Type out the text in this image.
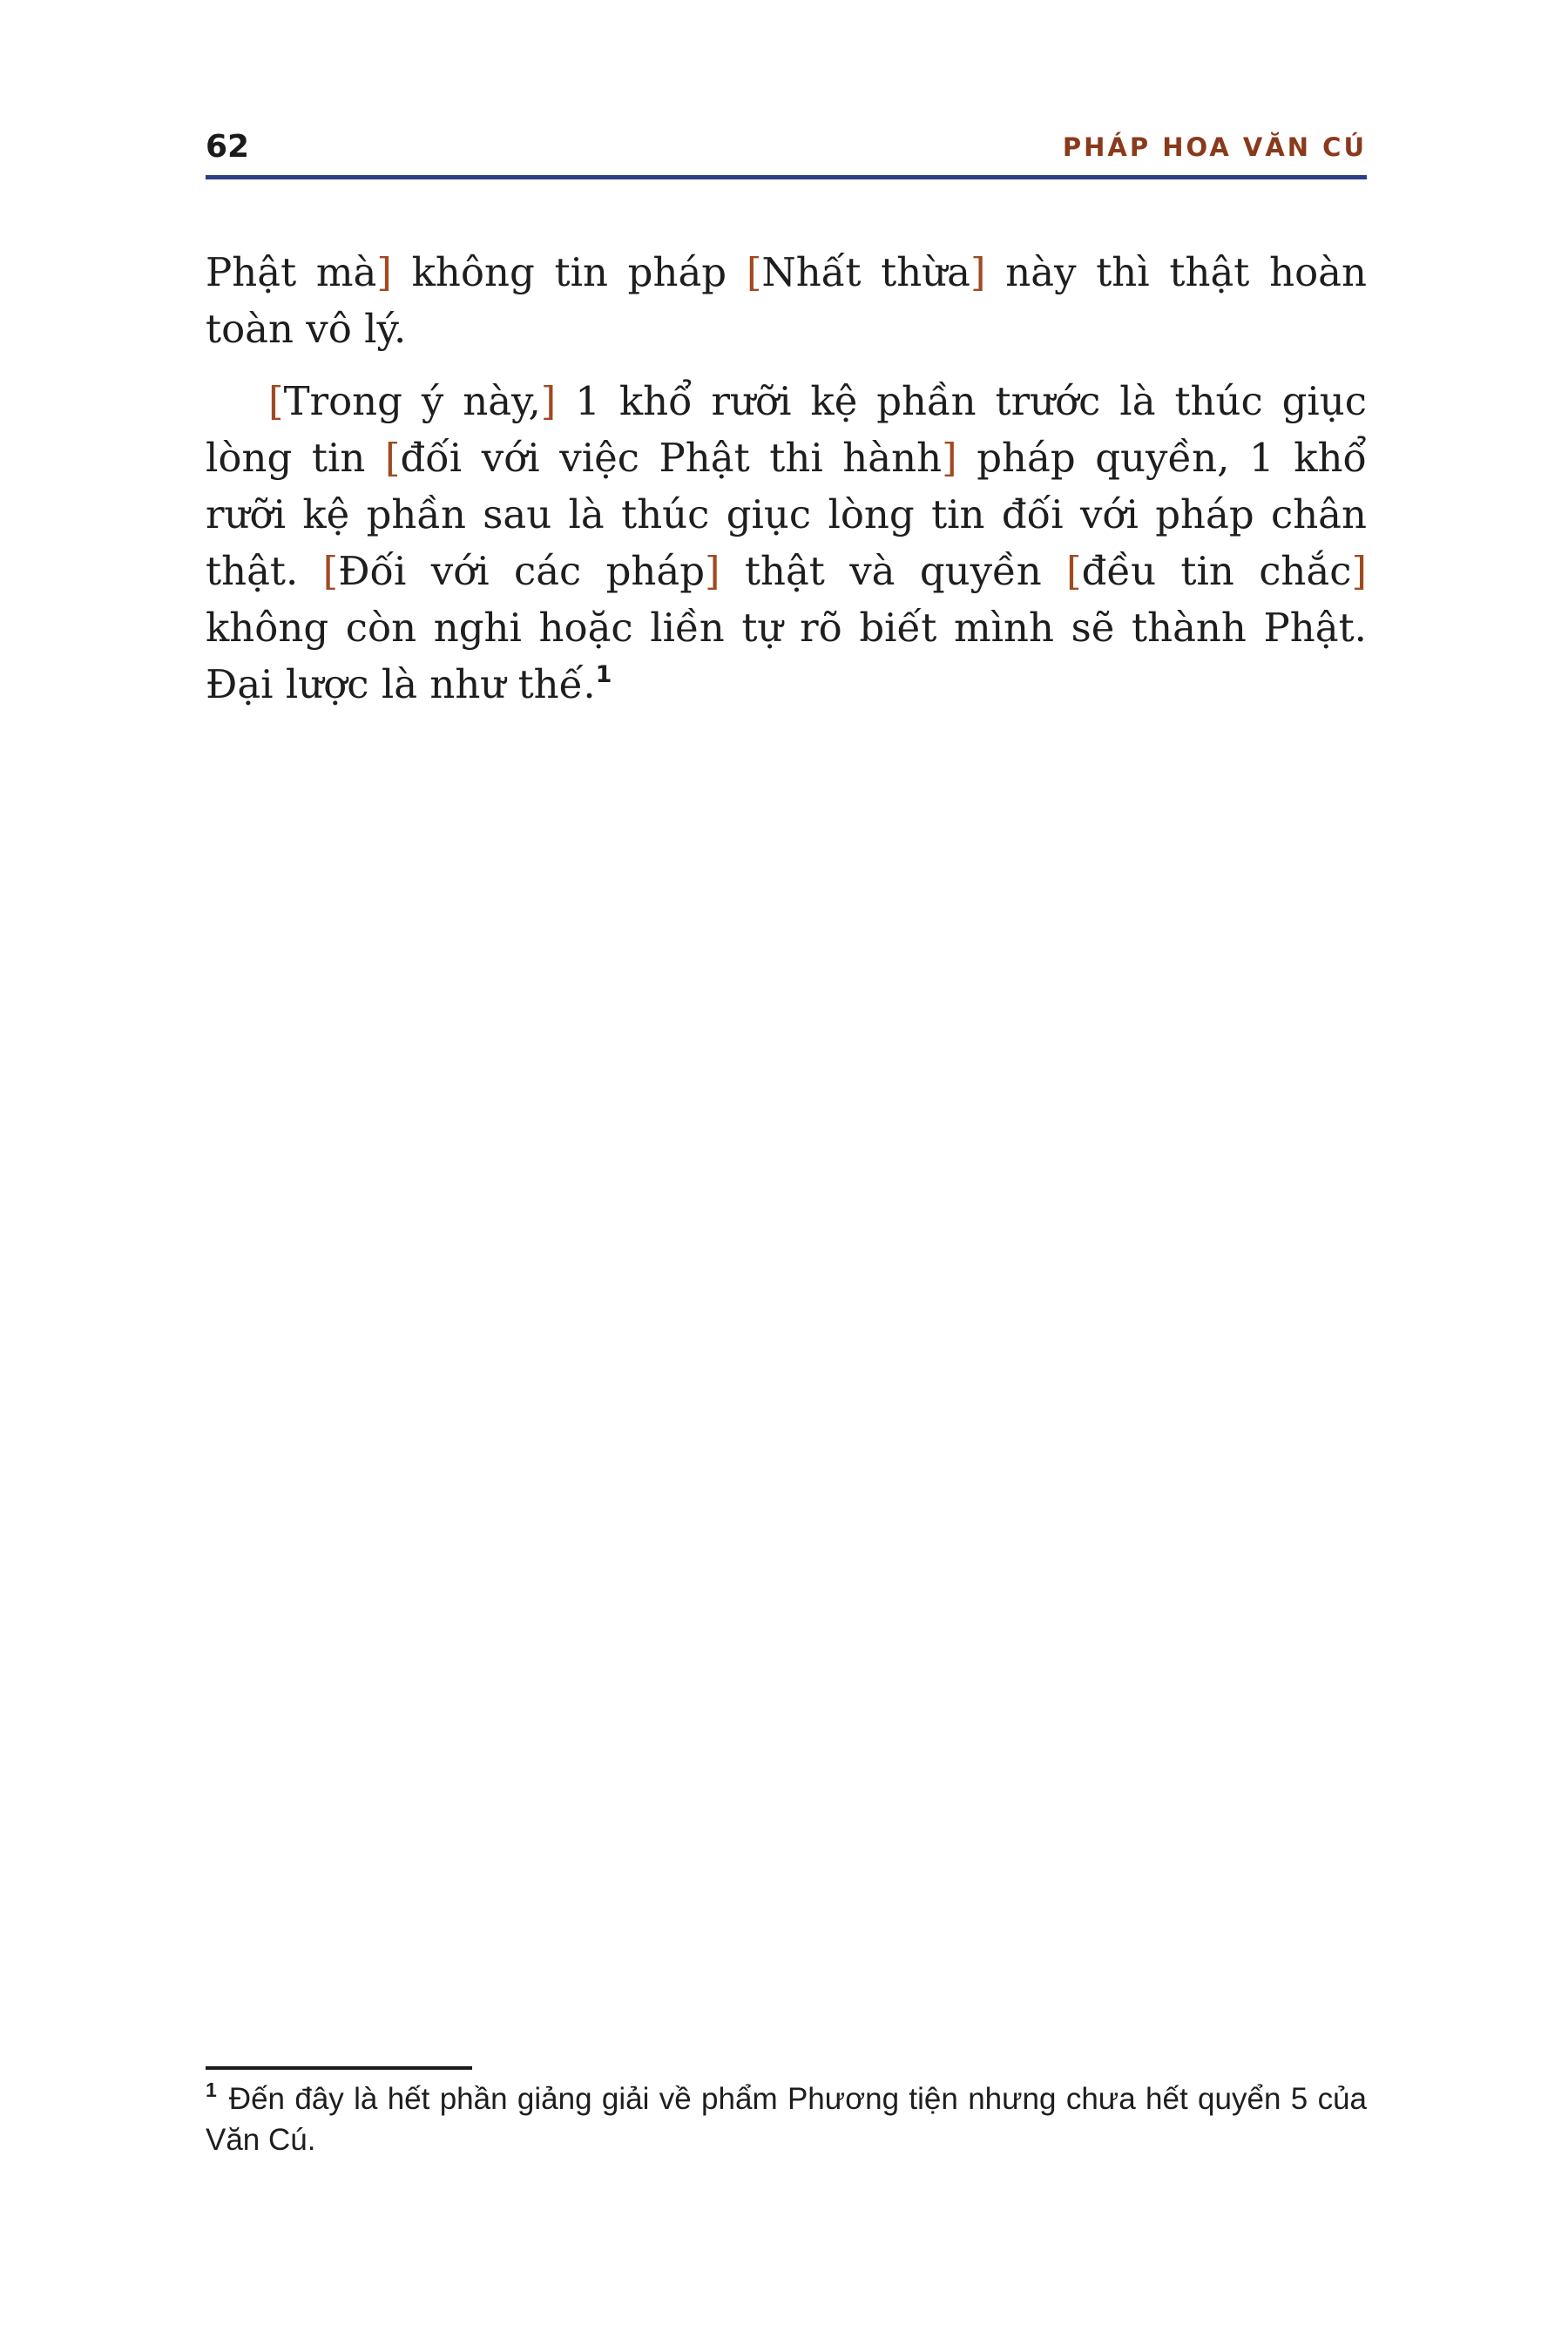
62	PHÁP HOA VĂN CÚ

Phật mà] không tin pháp [Nhất thừa] này thì thật hoàn toàn vô lý.

[Trong ý này,] 1 khổ rưỡi kệ phần trước là thúc giục lòng tin [đối với việc Phật thi hành] pháp quyền, 1 khổ rưỡi kệ phần sau là thúc giục lòng tin đối với pháp chân thật. [Đối với các pháp] thật và quyền [đều tin chắc] không còn nghi hoặc liền tự rõ biết mình sẽ thành Phật. Đại lược là như thế.$^1$

$^1$ Đến đây là hết phần giảng giải về phẩm Phương tiện nhưng chưa hết quyển 5 của Văn Cú.
